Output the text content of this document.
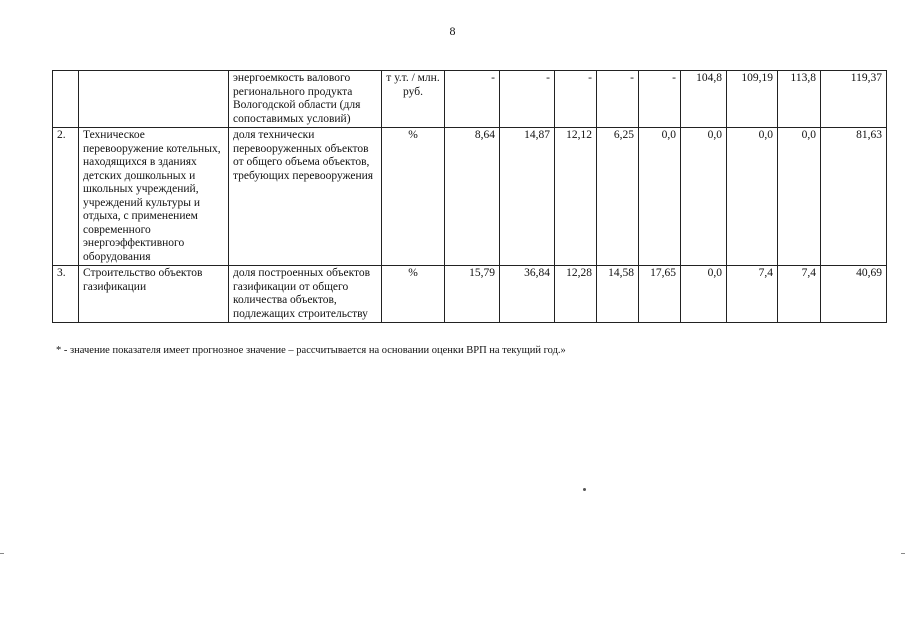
8
		энергоемкость валового регионального продукта Вологодской области (для сопоставимых условий)	т у.т. / млн. руб.	-	-	-	-	-	104,8	109,19	113,8	119,37
2.	Техническое перевооружение котельных, находящихся в зданиях детских дошкольных и школьных учреждений, учреждений культуры и отдыха, с применением современного энергоэффективного оборудования	доля технически перевооруженных объектов от общего объема объектов, требующих перевооружения	%	8,64	14,87	12,12	6,25	0,0	0,0	0,0	0,0	81,63
3.	Строительство объектов газификации	доля построенных объектов газификации от общего количества объектов, подлежащих строительству	%	15,79	36,84	12,28	14,58	17,65	0,0	7,4	7,4	40,69
* - значение показателя имеет прогнозное значение – рассчитывается на основании оценки ВРП на текущий год.»
